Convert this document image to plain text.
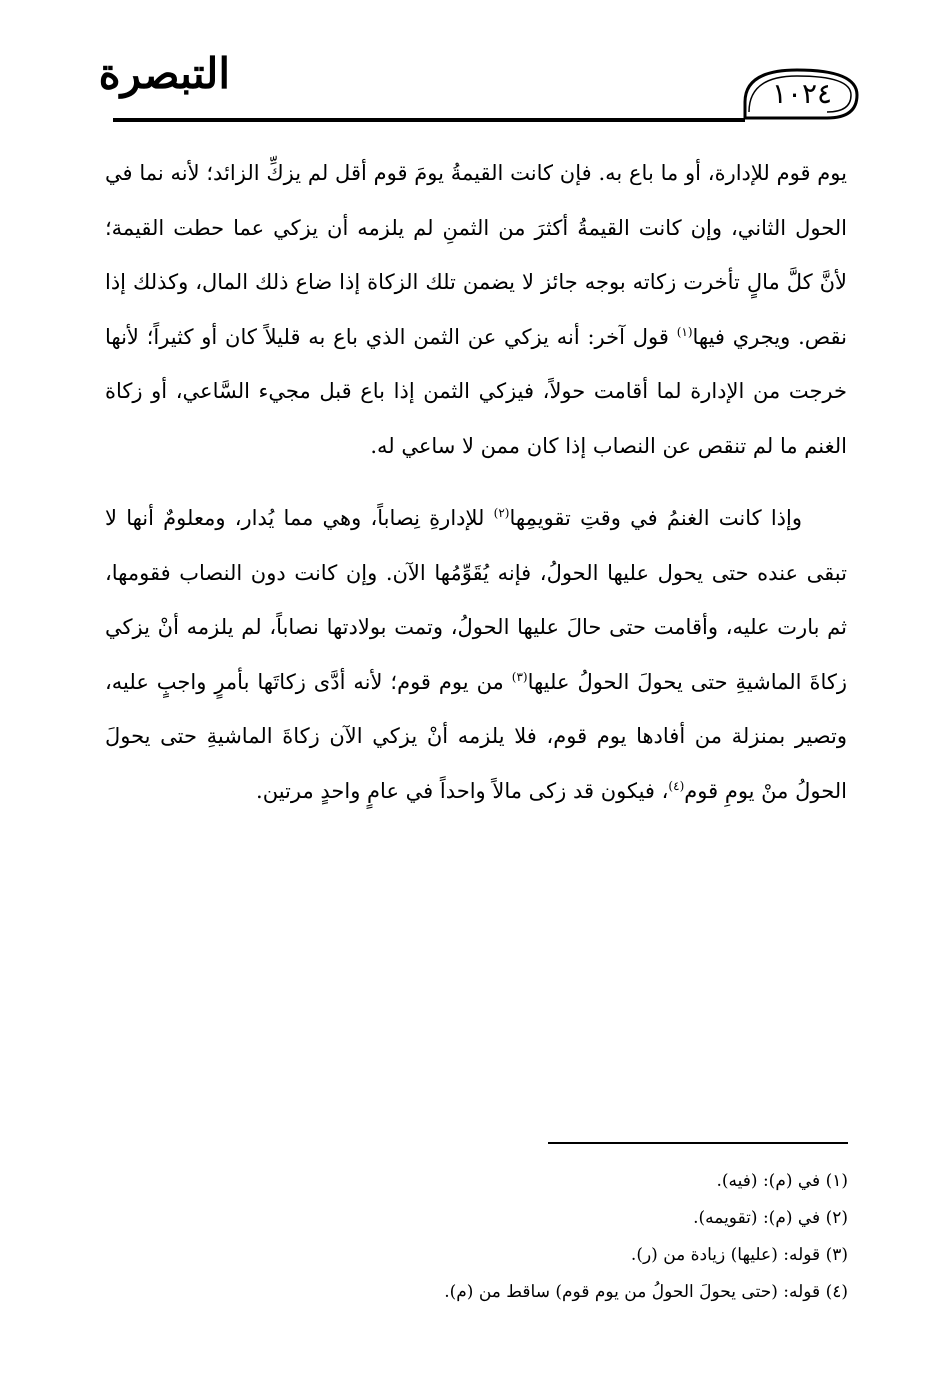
التبصرة	١٠٢٤

يوم قوم للإدارة، أو ما باع به. فإن كانت القيمةُ يومَ قوم أقل لم يزكِّ الزائد؛ لأنه نما في الحول الثاني، وإن كانت القيمةُ أكثرَ من الثمنِ لم يلزمه أن يزكي عما حطت القيمة؛ لأنَّ كلَّ مالٍ تأخرت زكاته بوجه جائز لا يضمن تلك الزكاة إذا ضاع ذلك المال، وكذلك إذا نقص. ويجري فيها$^{(١)}$ قول آخر: أنه يزكي عن الثمن الذي باع به قليلاً كان أو كثيراً؛ لأنها خرجت من الإدارة لما أقامت حولاً، فيزكي الثمن إذا باع قبل مجيء السَّاعي، أو زكاة الغنم ما لم تنقص عن النصاب إذا كان ممن لا ساعي له.

وإذا كانت الغنمُ في وقتِ تقويمِها$^{(٢)}$ للإدارةِ نِصاباً، وهي مما يُدار، ومعلومٌ أنها لا تبقى عنده حتى يحول عليها الحولُ، فإنه يُقَوِّمُها الآن. وإن كانت دون النصاب فقومها، ثم بارت عليه، وأقامت حتى حالَ عليها الحولُ، وتمت بولادتها نصاباً، لم يلزمه أنْ يزكي زكاةَ الماشيةِ حتى يحولَ الحولُ عليها$^{(٣)}$ من يوم قوم؛ لأنه أدَّى زكاتَها بأمرٍ واجبٍ عليه، وتصير بمنزلة من أفادها يوم قوم، فلا يلزمه أنْ يزكي الآن زكاةَ الماشيةِ حتى يحولَ الحولُ منْ يومِ قوم$^{(٤)}$، فيكون قد زكى مالاً واحداً في عامٍ واحدٍ مرتين.

(١) في (م): (فيه).

(٢) في (م): (تقويمه).

(٣) قوله: (عليها) زيادة من (ر).

(٤) قوله: (حتى يحولَ الحولُ من يوم قوم) ساقط من (م).
